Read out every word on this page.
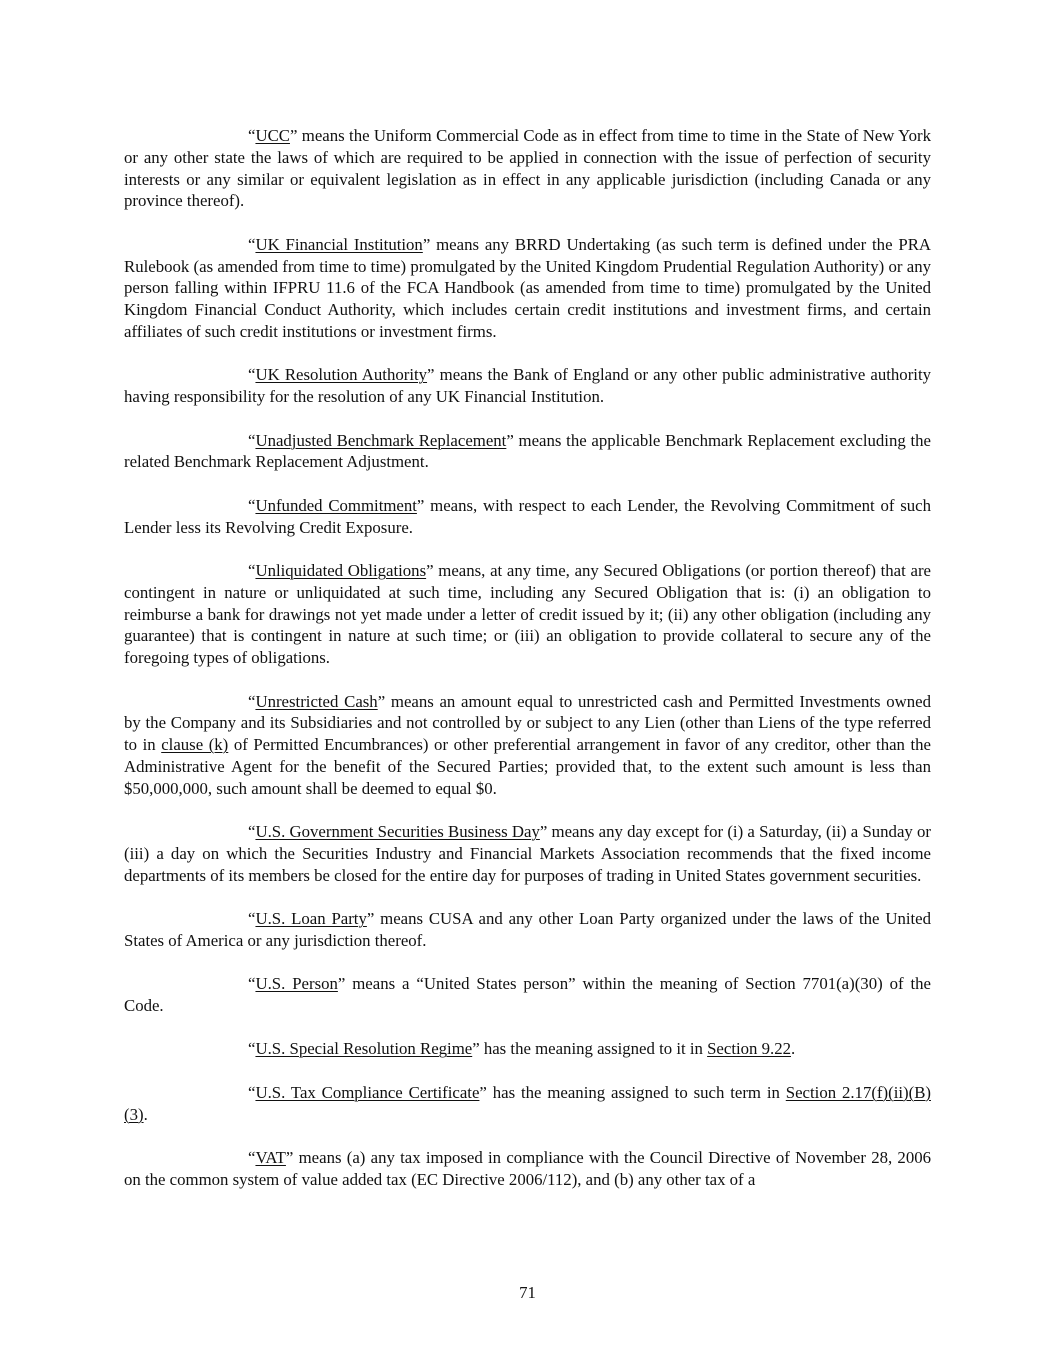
“UCC” means the Uniform Commercial Code as in effect from time to time in the State of New York or any other state the laws of which are required to be applied in connection with the issue of perfection of security interests or any similar or equivalent legislation as in effect in any applicable jurisdiction (including Canada or any province thereof).

“UK Financial Institution” means any BRRD Undertaking (as such term is defined under the PRA Rulebook (as amended from time to time) promulgated by the United Kingdom Prudential Regulation Authority) or any person falling within IFPRU 11.6 of the FCA Handbook (as amended from time to time) promulgated by the United Kingdom Financial Conduct Authority, which includes certain credit institutions and investment firms, and certain affiliates of such credit institutions or investment firms.

“UK Resolution Authority” means the Bank of England or any other public administrative authority having responsibility for the resolution of any UK Financial Institution.

“Unadjusted Benchmark Replacement” means the applicable Benchmark Replacement excluding the related Benchmark Replacement Adjustment.

“Unfunded Commitment” means, with respect to each Lender, the Revolving Commitment of such Lender less its Revolving Credit Exposure.

“Unliquidated Obligations” means, at any time, any Secured Obligations (or portion thereof) that are contingent in nature or unliquidated at such time, including any Secured Obligation that is: (i) an obligation to reimburse a bank for drawings not yet made under a letter of credit issued by it; (ii) any other obligation (including any guarantee) that is contingent in nature at such time; or (iii) an obligation to provide collateral to secure any of the foregoing types of obligations.

“Unrestricted Cash” means an amount equal to unrestricted cash and Permitted Investments owned by the Company and its Subsidiaries and not controlled by or subject to any Lien (other than Liens of the type referred to in clause (k) of Permitted Encumbrances) or other preferential arrangement in favor of any creditor, other than the Administrative Agent for the benefit of the Secured Parties; provided that, to the extent such amount is less than $50,000,000, such amount shall be deemed to equal $0.

“U.S. Government Securities Business Day” means any day except for (i) a Saturday, (ii) a Sunday or (iii) a day on which the Securities Industry and Financial Markets Association recommends that the fixed income departments of its members be closed for the entire day for purposes of trading in United States government securities.

“U.S. Loan Party” means CUSA and any other Loan Party organized under the laws of the United States of America or any jurisdiction thereof.

“U.S. Person” means a “United States person” within the meaning of Section 7701(a)(30) of the Code.

“U.S. Special Resolution Regime” has the meaning assigned to it in Section 9.22.

“U.S. Tax Compliance Certificate” has the meaning assigned to such term in Section 2.17(f)(ii)(B)(3).

“VAT” means (a) any tax imposed in compliance with the Council Directive of November 28, 2006 on the common system of value added tax (EC Directive 2006/112), and (b) any other tax of a

71
